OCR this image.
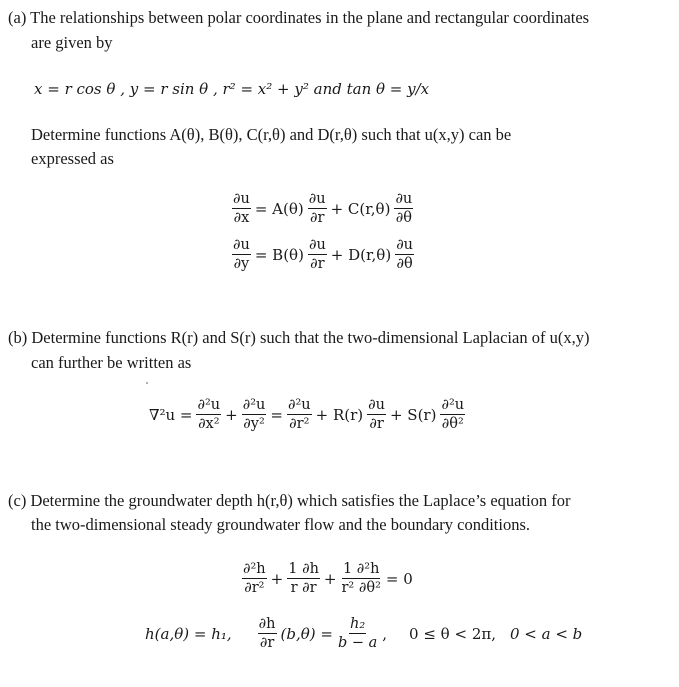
(a) The relationships between polar coordinates in the plane and rectangular coordinates
are given by
x = r cos θ , y = r sin θ , r² = x² + y² and tan θ = y/x
Determine functions A(θ), B(θ), C(r,θ) and D(r,θ) such that u(x,y) can be
expressed as
$\frac{\partial u}{\partial x} = A(\theta) \frac{\partial u}{\partial r} + C(r,\theta) \frac{\partial u}{\partial\theta}$
$\frac{\partial u}{\partial y} = B(\theta) \frac{\partial u}{\partial r} + D(r,\theta) \frac{\partial u}{\partial\theta}$
(b) Determine functions R(r) and S(r) such that the two-dimensional Laplacian of u(x,y)
can further be written as
$\nabla^2u = \frac{\text{∂²u}}{\text{∂x²}} + \frac{\text{∂²u}}{\text{∂y²}} = \frac{\text{∂²u}}{\text{∂r²}} + R(r) \frac{\partial u}{\partial r} + S(r) \frac{\text{∂²u}}{\text{∂θ²}}$
(c) Determine the groundwater depth h(r,θ) which satisfies the Laplace’s equation for
the two-dimensional steady groundwater flow and the boundary conditions.
$\frac{\text{∂²h}}{\text{∂r²}} + \frac{1 \partial h}{r \partial r} + \frac{\text{1 ∂²h}}{\text{r² ∂θ²}} = 0$
h(a,θ) = h₁, $\frac{\partial h}{\partial r} (b,\theta) = \frac{\text{h₂}}{b - a}$ , 0 ≤ θ < 2π, 0 < a < b
